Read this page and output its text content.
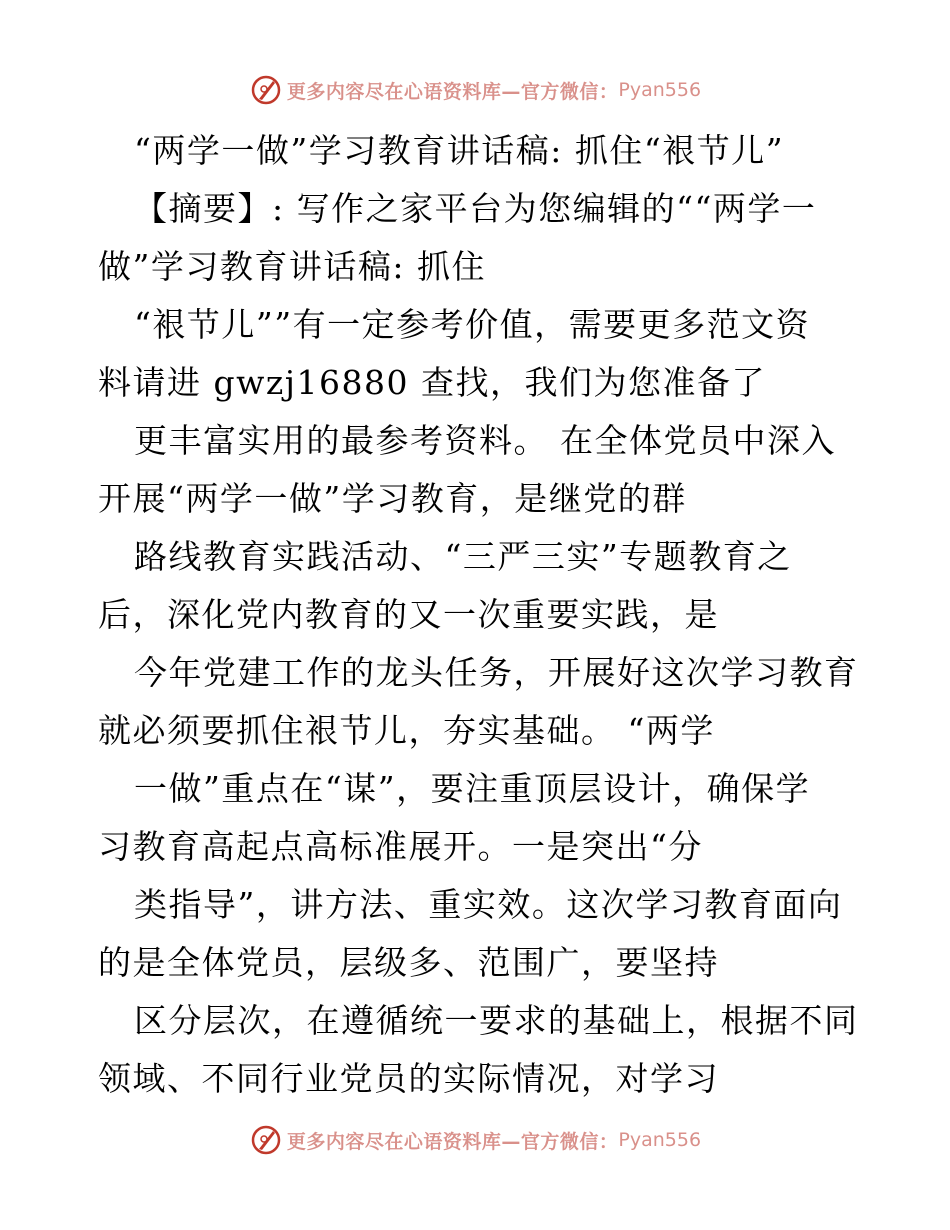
更多内容尽在心语资料库—官方微信： Pyan556
“两学一做”学习教育讲话稿: 抓住“裉节儿”
【摘要】: 写作之家平台为您编辑的““两学一
做”学习教育讲话稿: 抓住
“裉节儿””有一定参考价值，需要更多范文资
料请进 gwzj16880 查找，我们为您准备了
更丰富实用的最参考资料。 在全体党员中深入
开展“两学一做”学习教育，是继党的群
路线教育实践活动、“三严三实”专题教育之
后，深化党内教育的又一次重要实践，是
今年党建工作的龙头任务，开展好这次学习教育
就必须要抓住裉节儿，夯实基础。 “两学
一做”重点在“谋”，要注重顶层设计，确保学
习教育高起点高标准展开。一是突出“分
类指导”，讲方法、重实效。这次学习教育面向
的是全体党员，层级多、范围广，要坚持
区分层次，在遵循统一要求的基础上，根据不同
领域、不同行业党员的实际情况，对学习
更多内容尽在心语资料库—官方微信： Pyan556
